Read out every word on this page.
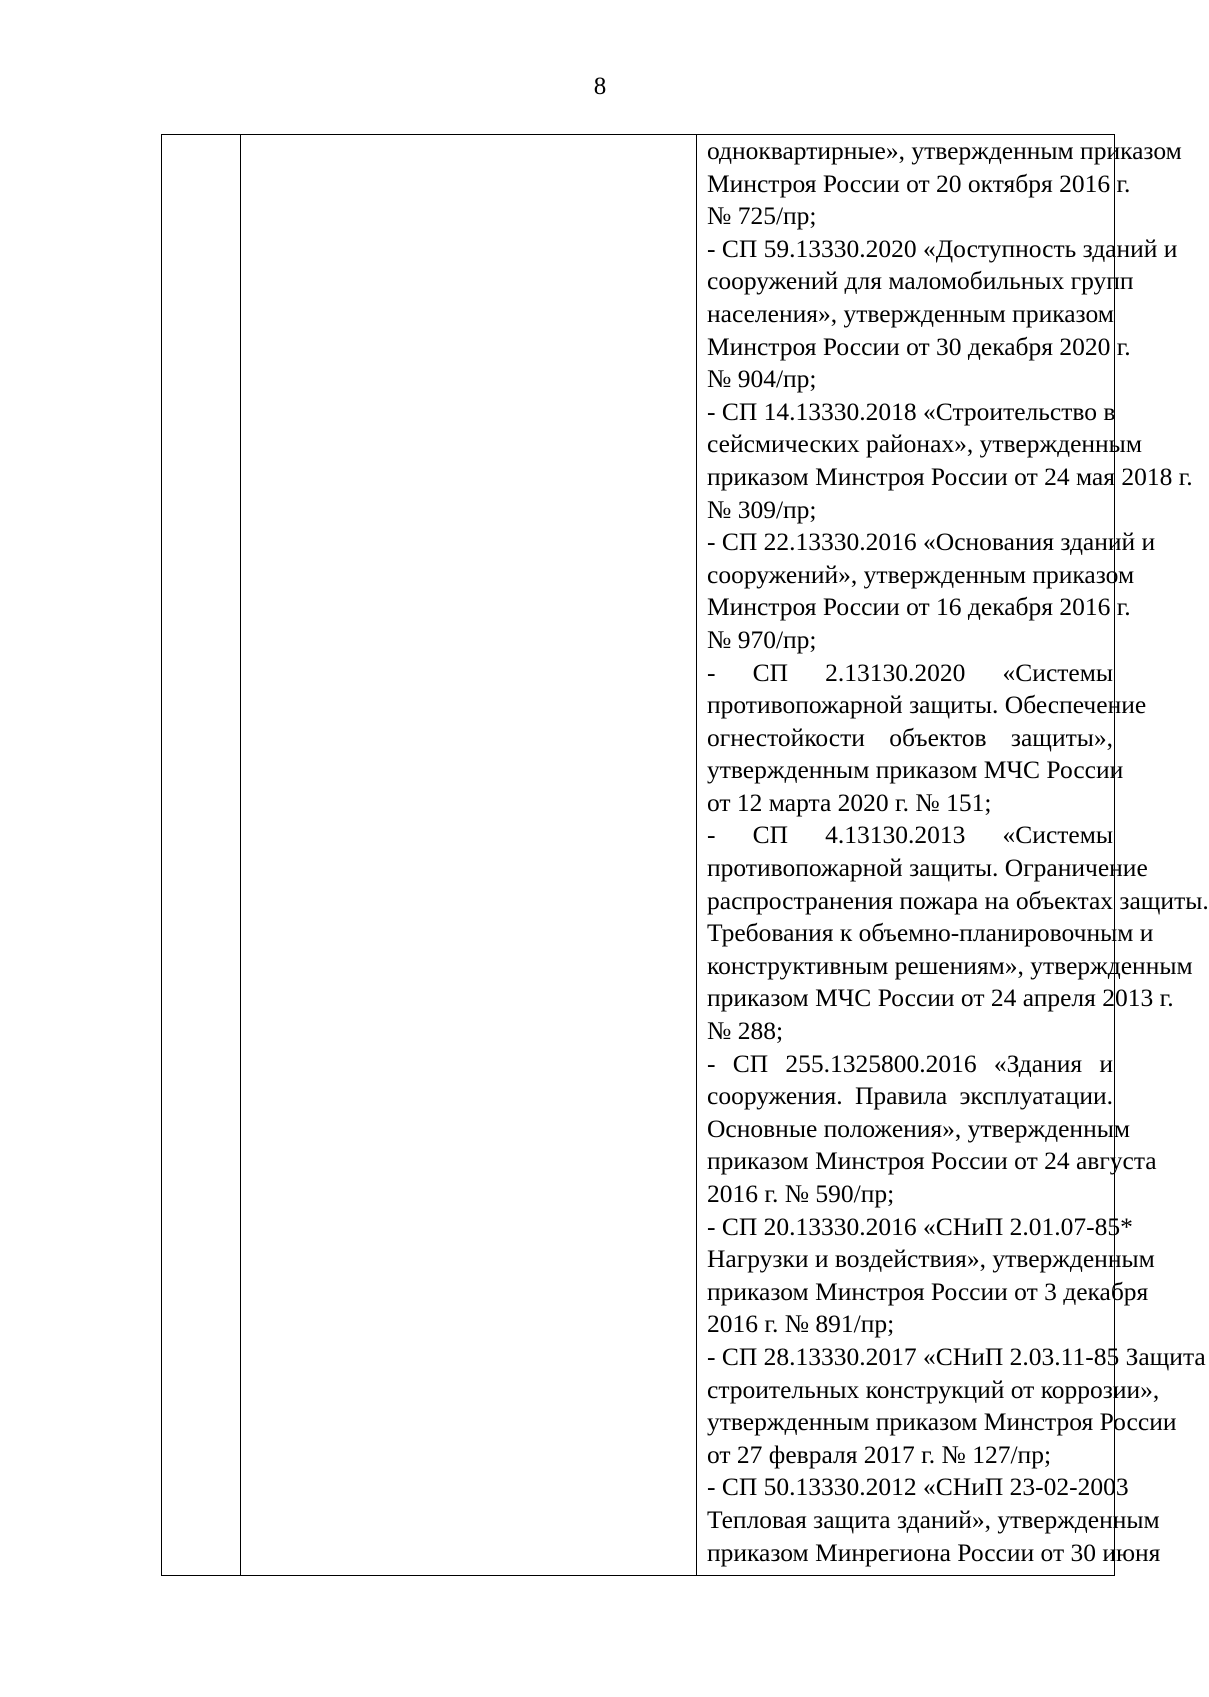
8
одноквартирные», утвержденным приказом
Минстроя России от 20 октября 2016 г.
№ 725/пр;
- СП 59.13330.2020 «Доступность зданий и
сооружений для маломобильных групп
населения», утвержденным приказом
Минстроя России от 30 декабря 2020 г.
№ 904/пр;
- СП 14.13330.2018 «Строительство в
сейсмических районах», утвержденным
приказом Минстроя России от 24 мая 2018 г.
№ 309/пр;
- СП 22.13330.2016 «Основания зданий и
сооружений», утвержденным приказом
Минстроя России от 16 декабря 2016 г.
№ 970/пр;
- СП 2.13130.2020 «Системы
противопожарной защиты. Обеспечение
огнестойкости объектов защиты»,
утвержденным приказом МЧС России
от 12 марта 2020 г. № 151;
- СП 4.13130.2013 «Системы
противопожарной защиты. Ограничение
распространения пожара на объектах защиты.
Требования к объемно-планировочным и
конструктивным решениям», утвержденным
приказом МЧС России от 24 апреля 2013 г.
№ 288;
- СП 255.1325800.2016 «Здания и
сооружения. Правила эксплуатации.
Основные положения», утвержденным
приказом Минстроя России от 24 августа
2016 г. № 590/пр;
- СП 20.13330.2016 «СНиП 2.01.07-85*
Нагрузки и воздействия», утвержденным
приказом Минстроя России от 3 декабря
2016 г. № 891/пр;
- СП 28.13330.2017 «СНиП 2.03.11-85 Защита
строительных конструкций от коррозии»,
утвержденным приказом Минстроя России
от 27 февраля 2017 г. № 127/пр;
- СП 50.13330.2012 «СНиП 23-02-2003
Тепловая защита зданий», утвержденным
приказом Минрегиона России от 30 июня
